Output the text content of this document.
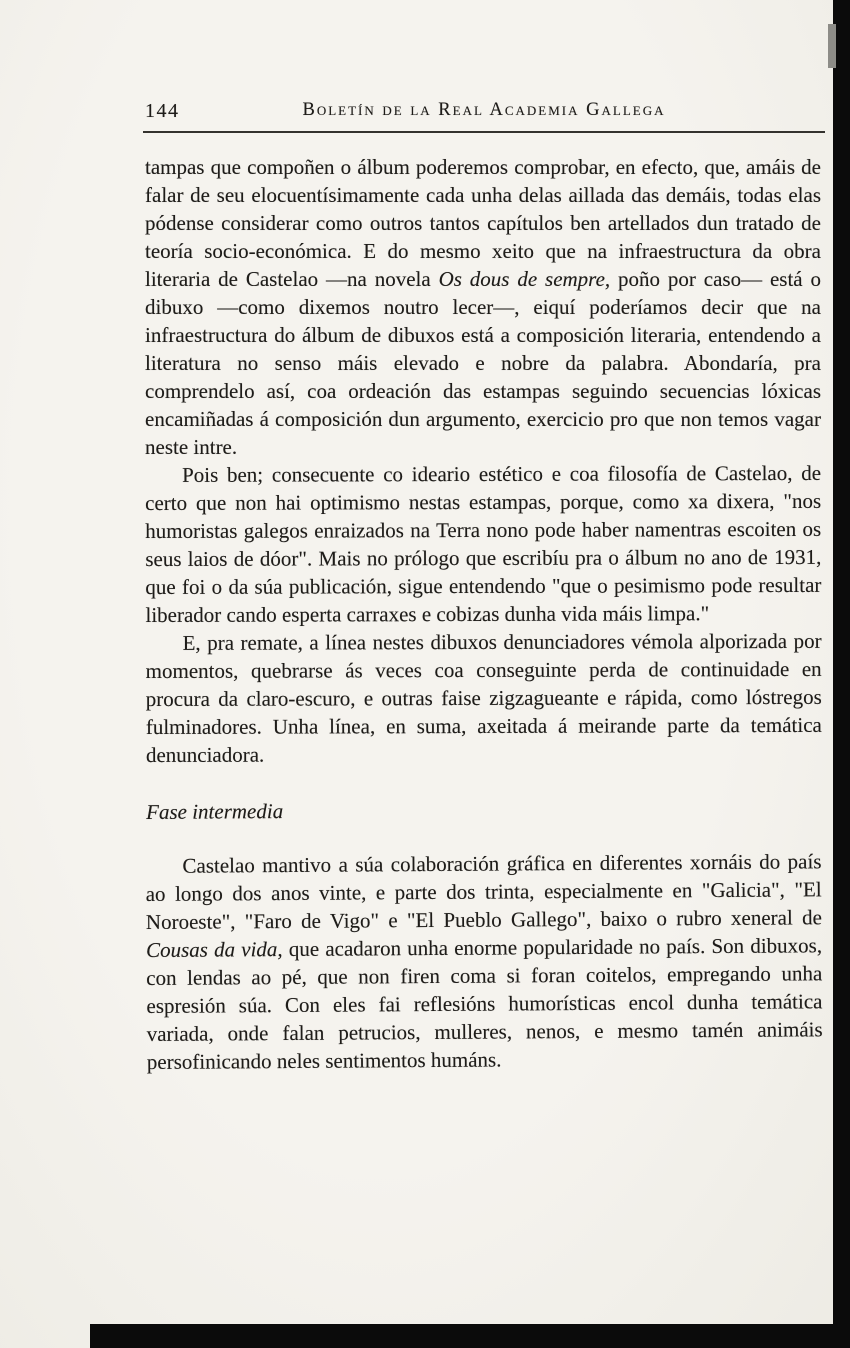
144	Boletín de la Real Academia Gallega

tampas que compoñen o álbum poderemos comprobar, en efecto, que, amáis de falar de seu elocuentísimamente cada unha delas aillada das demáis, todas elas pódense considerar como outros tantos capítulos ben artellados dun tratado de teoría socio-económica. E do mesmo xeito que na infraestructura da obra literaria de Castelao —na novela Os dous de sempre, poño por caso— está o dibuxo —como dixemos noutro lecer—, eiquí poderíamos decir que na infraestructura do álbum de dibuxos está a composición literaria, entendendo a literatura no senso máis elevado e nobre da palabra. Abondaría, pra comprendelo así, coa ordeación das estampas seguindo secuencias lóxicas encamiñadas á composición dun argumento, exercicio pro que non temos vagar neste intre.

Pois ben; consecuente co ideario estético e coa filosofía de Castelao, de certo que non hai optimismo nestas estampas, porque, como xa dixera, "nos humoristas galegos enraizados na Terra nono pode haber namentras escoiten os seus laios de dóor". Mais no prólogo que escribíu pra o álbum no ano de 1931, que foi o da súa publicación, sigue entendendo "que o pesimismo pode resultar liberador cando esperta carraxes e cobizas dunha vida máis limpa."

E, pra remate, a línea nestes dibuxos denunciadores vémola alporizada por momentos, quebrarse ás veces coa conseguinte perda de continuidade en procura da claro-escuro, e outras faise zigzagueante e rápida, como lóstregos fulminadores. Unha línea, en suma, axeitada á meirande parte da temática denunciadora.

Fase intermedia

Castelao mantivo a súa colaboración gráfica en diferentes xornáis do país ao longo dos anos vinte, e parte dos trinta, especialmente en "Galicia", "El Noroeste", "Faro de Vigo" e "El Pueblo Gallego", baixo o rubro xeneral de Cousas da vida, que acadaron unha enorme popularidade no país. Son dibuxos, con lendas ao pé, que non firen coma si foran coitelos, empregando unha espresión súa. Con eles fai reflesións humorísticas encol dunha temática variada, onde falan petrucios, mulleres, nenos, e mesmo tamén animáis persofinicando neles sentimentos humáns.
